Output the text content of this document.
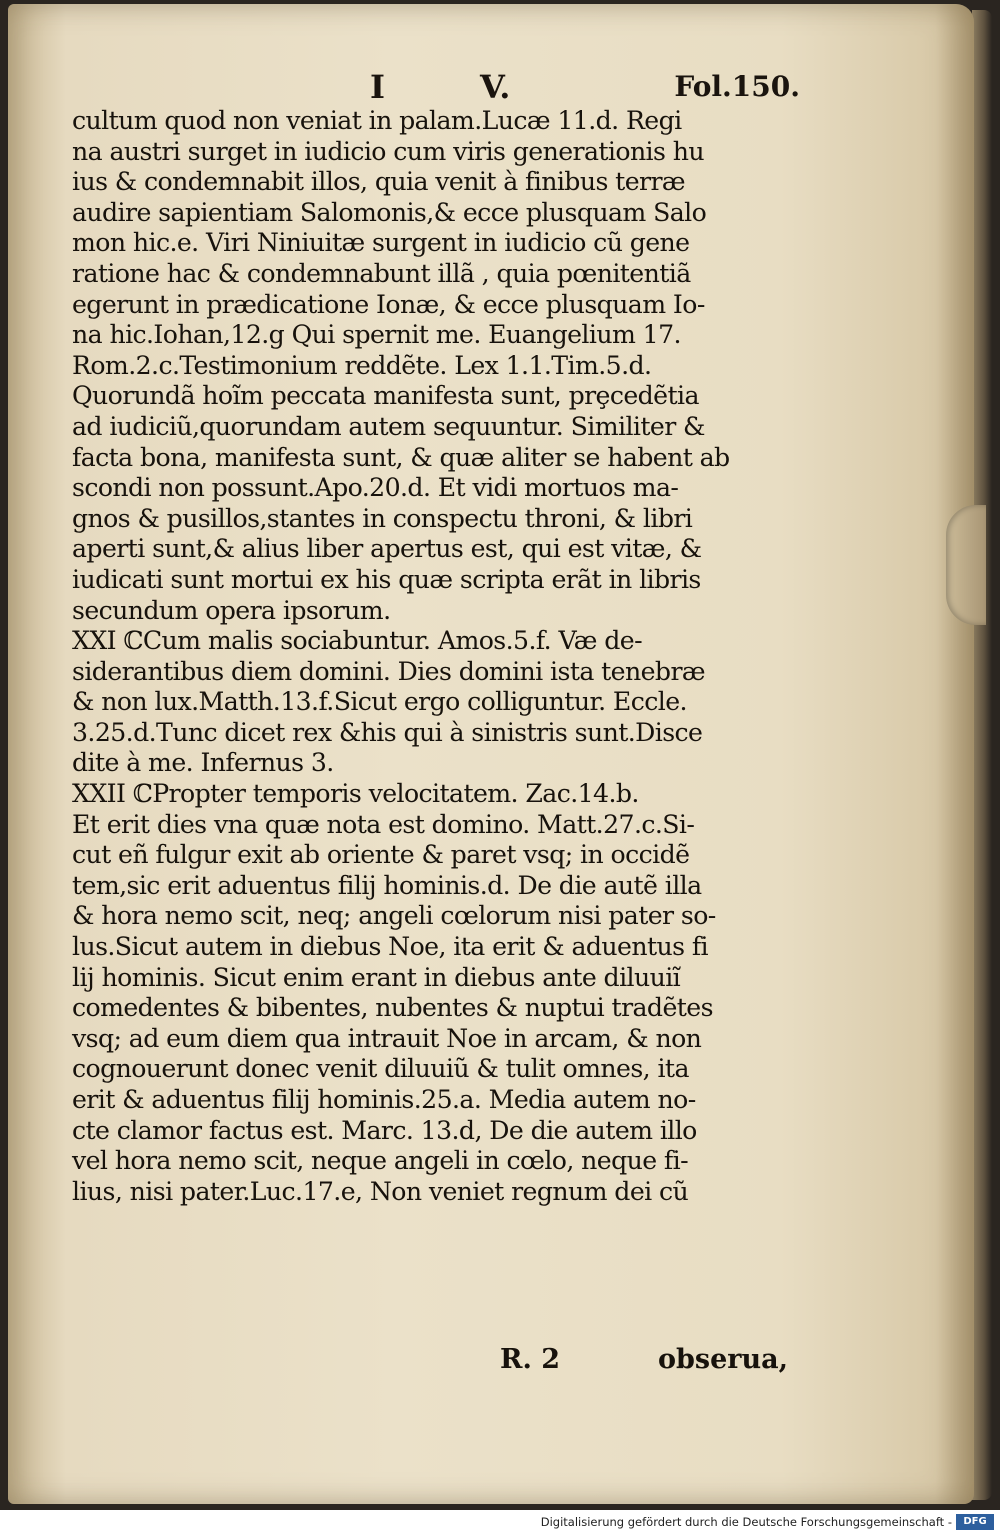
I	V.	Fol.150.
cultum quod non veniat in palam.Lucæ 11.d. Regi
na austri surget in iudicio cum viris generationis hu
ius & condemnabit illos, quia venit à finibus terræ
audire sapientiam Salomonis,& ecce plusquam Salo
mon hic.e. Viri Niniuitæ surgent in iudicio cũ gene
ratione hac & condemnabunt illã , quia pœnitentiã
egerunt in prædicatione Ionæ, & ecce plusquam Io-
na hic.Iohan,12.g Qui spernit me. Euangelium 17.
Rom.2.c.Testimonium reddẽte. Lex 1.1.Tim.5.d.
Quorundã hoĩm peccata manifesta sunt, prȩcedẽtia
ad iudiciũ,quorundam autem sequuntur. Similiter &
facta bona, manifesta sunt, & quæ aliter se habent ab
scondi non possunt.Apo.20.d. Et vidi mortuos ma-
gnos & pusillos,stantes in conspectu throni, & libri
aperti sunt,& alius liber apertus est, qui est vitæ, &
iudicati sunt mortui ex his quæ scripta erãt in libris
secundum opera ipsorum.
XXI ℂCum malis sociabuntur. Amos.5.f. Væ de-
siderantibus diem domini. Dies domini ista tenebræ
& non lux.Matth.13.f.Sicut ergo colliguntur. Eccle.
3.25.d.Tunc dicet rex &his qui à sinistris sunt.Disce
dite à me. Infernus 3.
XXII ℂPropter temporis velocitatem. Zac.14.b.
Et erit dies vna quæ nota est domino. Matt.27.c.Si-
cut eñ fulgur exit ab oriente & paret vsq; in occidẽ
tem,sic erit aduentus filij hominis.d. De die autẽ illa
& hora nemo scit, neq; angeli cœlorum nisi pater so-
lus.Sicut autem in diebus Noe, ita erit & aduentus fi
lij hominis. Sicut enim erant in diebus ante diluuiĩ
comedentes & bibentes, nubentes & nuptui tradẽtes
vsq; ad eum diem qua intrauit Noe in arcam, & non
cognouerunt donec venit diluuiũ & tulit omnes, ita
erit & aduentus filij hominis.25.a. Media autem no-
cte clamor factus est. Marc. 13.d, De die autem illo
vel hora nemo scit, neque angeli in cœlo, neque fi-
lius, nisi pater.Luc.17.e, Non veniet regnum dei cũ
R. 2	obserua,
Digitalisierung gefördert durch die Deutsche Forschungsgemeinschaft -	DFG
